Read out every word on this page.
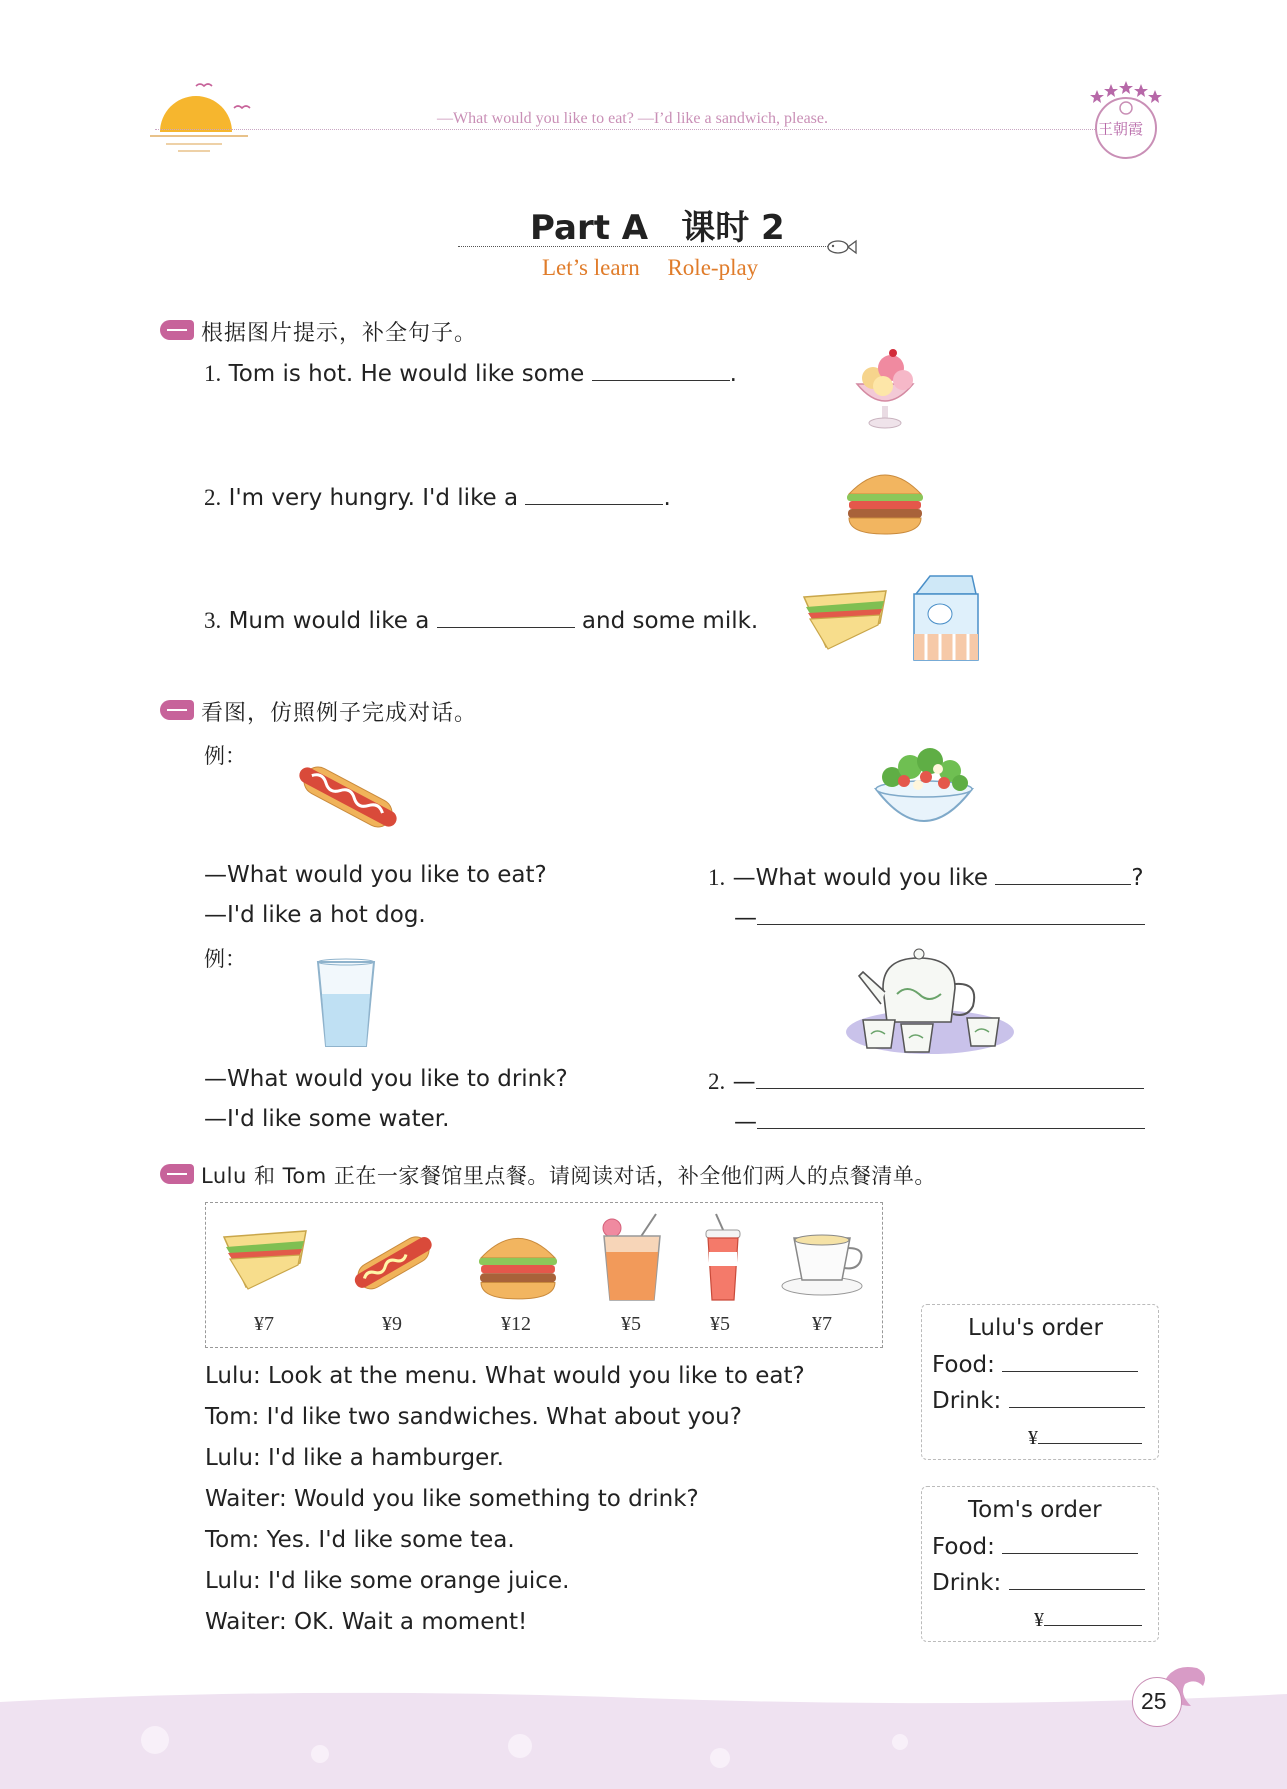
—What would you like to eat? —I’d like a sandwich, please.
王朝霞
Part A 课时 2
Let’s learn Role-play
根据图片提示，补全句子。
1. Tom is hot. He would like some	.
2. I'm very hungry. I'd like a	.
3. Mum would like a	and some milk.
看图，仿照例子完成对话。
例：
—What would you like to eat?
—I'd like a hot dog.
1. —What would you like	?
—
例：
—What would you like to drink?
—I'd like some water.
2. —
—
Lulu 和 Tom 正在一家餐馆里点餐。请阅读对话，补全他们两人的点餐清单。
¥7	¥9	¥12	¥5	¥5	¥7
Lulu: Look at the menu. What would you like to eat?
Tom: I'd like two sandwiches. What about you?
Lulu: I'd like a hamburger.
Waiter: Would you like something to drink?
Tom: Yes. I'd like some tea.
Lulu: I'd like some orange juice.
Waiter: OK. Wait a moment!
Lulu's order
Food:
Drink:
¥
Tom's order
Food:
Drink:
¥
25
